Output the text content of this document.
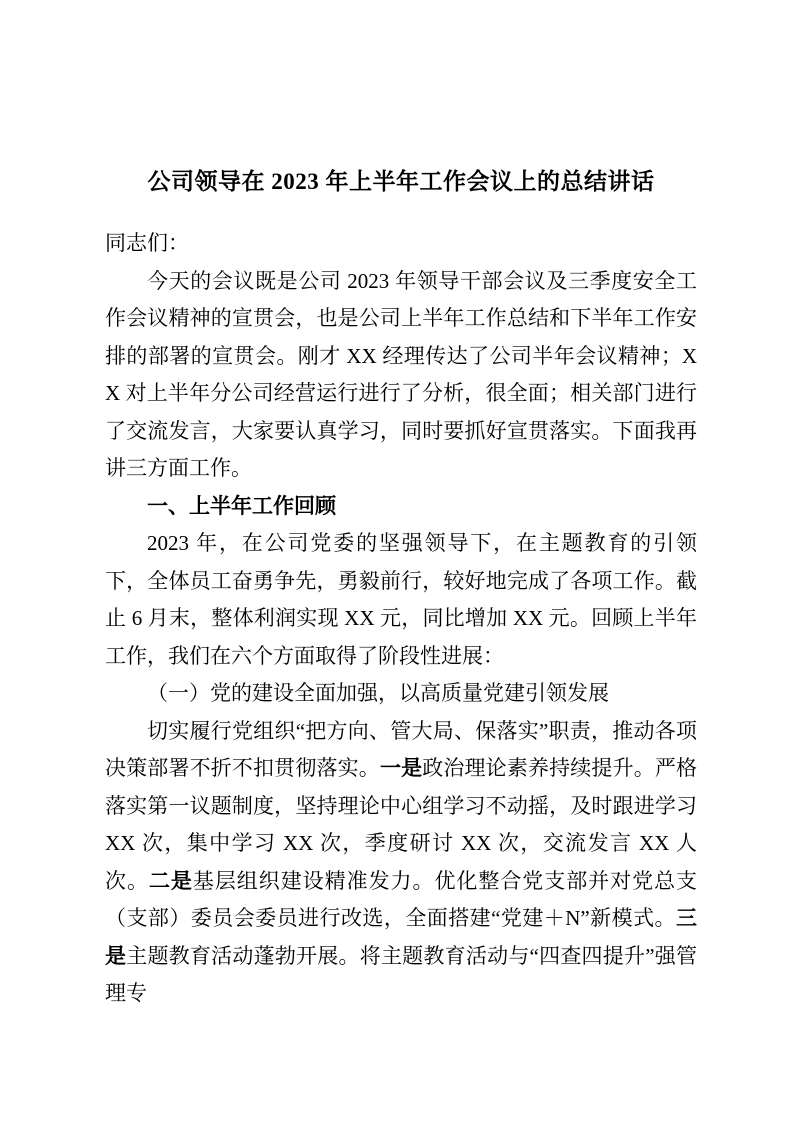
公司领导在 2023 年上半年工作会议上的总结讲话

同志们：

今天的会议既是公司 2023 年领导干部会议及三季度安全工作会议精神的宣贯会，也是公司上半年工作总结和下半年工作安排的部署的宣贯会。刚才 XX 经理传达了公司半年会议精神；XX 对上半年分公司经营运行进行了分析，很全面；相关部门进行了交流发言，大家要认真学习，同时要抓好宣贯落实。下面我再讲三方面工作。

一、上半年工作回顾

2023 年，在公司党委的坚强领导下，在主题教育的引领下，全体员工奋勇争先，勇毅前行，较好地完成了各项工作。截止 6 月末，整体利润实现 XX 元，同比增加 XX 元。回顾上半年工作，我们在六个方面取得了阶段性进展：

（一）党的建设全面加强，以高质量党建引领发展

切实履行党组织“把方向、管大局、保落实”职责，推动各项决策部署不折不扣贯彻落实。一是政治理论素养持续提升。严格落实第一议题制度，坚持理论中心组学习不动摇，及时跟进学习 XX 次，集中学习 XX 次，季度研讨 XX 次，交流发言 XX 人次。二是基层组织建设精准发力。优化整合党支部并对党总支（支部）委员会委员进行改选，全面搭建“党建＋N”新模式。三是主题教育活动蓬勃开展。将主题教育活动与“四查四提升”强管理专
